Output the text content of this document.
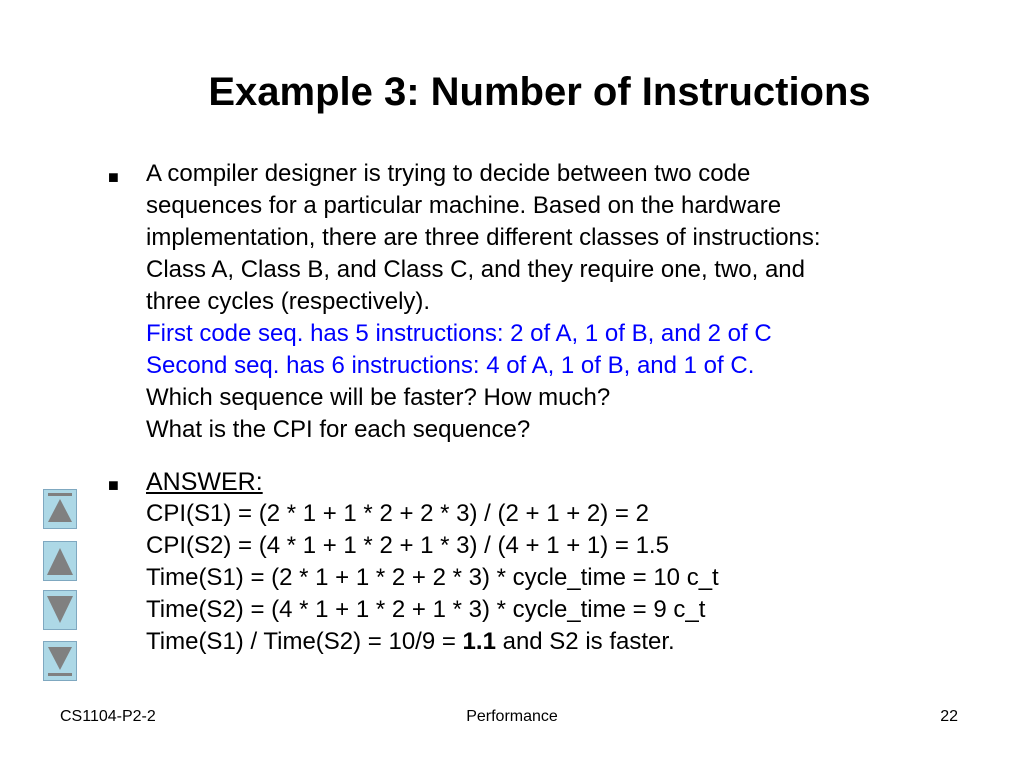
Example 3: Number of Instructions
■ A compiler designer is trying to decide between two code
sequences for a particular machine. Based on the hardware
implementation, there are three different classes of instructions:
Class A, Class B, and Class C, and they require one, two, and
three cycles (respectively).
First code seq. has 5 instructions: 2 of A, 1 of B, and 2 of C
Second seq. has 6 instructions: 4 of A, 1 of B, and 1 of C.
Which sequence will be faster? How much?
What is the CPI for each sequence?
■ ANSWER:
CPI(S1) = (2 * 1 + 1 * 2 + 2 * 3) / (2 + 1 + 2) = 2
CPI(S2) = (4 * 1 + 1 * 2 + 1 * 3) / (4 + 1 + 1) = 1.5
Time(S1) = (2 * 1 + 1 * 2 + 2 * 3) * cycle_time = 10 c_t
Time(S2) = (4 * 1 + 1 * 2 + 1 * 3) * cycle_time = 9 c_t
Time(S1) / Time(S2) = 10/9 = 1.1 and S2 is faster.
CS1104-P2-2	Performance	22
